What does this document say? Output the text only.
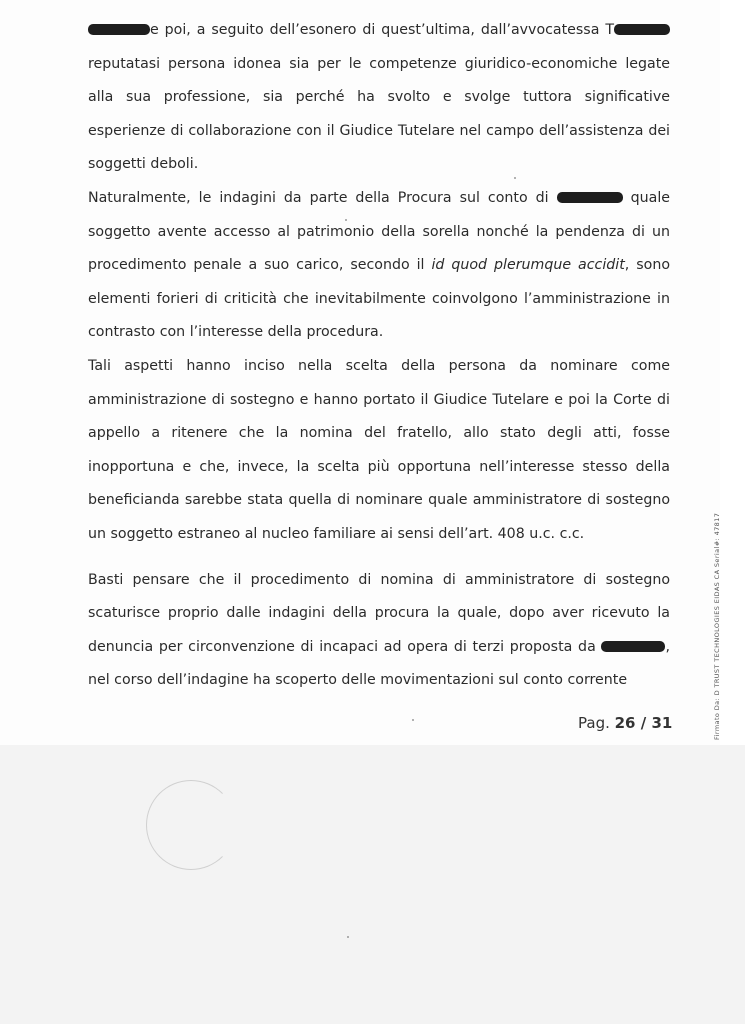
e poi, a seguito dell’esonero di quest’ultima, dall’avvocatessa T reputatasi persona idonea sia per le competenze giuridico-economiche legate alla sua professione, sia perché ha svolto e svolge tuttora significative esperienze di collaborazione con il Giudice Tutelare nel campo dell’assistenza dei soggetti deboli.

Naturalmente, le indagini da parte della Procura sul conto di	quale soggetto avente accesso al patrimonio della sorella nonché la pendenza di un procedimento penale a suo carico, secondo il id quod plerumque accidit, sono elementi forieri di criticità che inevitabilmente coinvolgono l’amministrazione in contrasto con l’interesse della procedura.

Tali aspetti hanno inciso nella scelta della persona da nominare come amministrazione di sostegno e hanno portato il Giudice Tutelare e poi la Corte di appello a ritenere che la nomina del fratello, allo stato degli atti, fosse inopportuna e che, invece, la scelta più opportuna nell’interesse stesso della beneficianda sarebbe stata quella di nominare quale amministratore di sostegno un soggetto estraneo al nucleo familiare ai sensi dell’art. 408 u.c. c.c.

Basti pensare che il procedimento di nomina di amministratore di sostegno scaturisce proprio dalle indagini della procura la quale, dopo aver ricevuto la denuncia per circonvenzione di incapaci ad opera di terzi proposta da	, nel corso dell’indagine ha scoperto delle movimentazioni sul conto corrente

Pag. 26 / 31	Firmato Da: D TRUST TECHNOLOGIES EIDAS CA Serial#: 47817
